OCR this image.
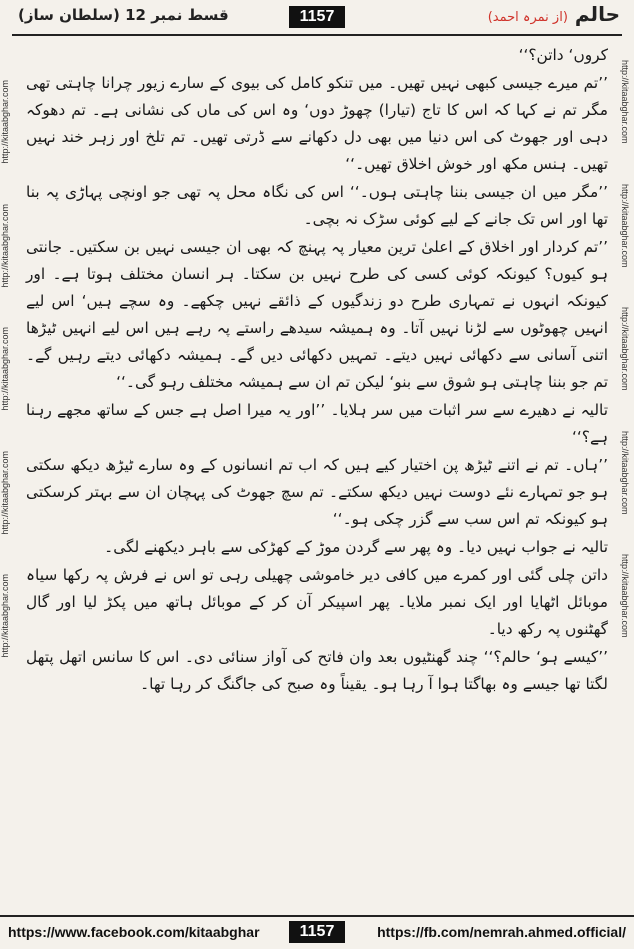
حالم (از نمرہ احمد)
1157
قسط نمبر 12 (سلطان ساز)
http://kitaabghar.com
http://kitaabghar.com
http://kitaabghar.com
http://kitaabghar.com
http://kitaabghar.com
http://kitaabghar.com
http://kitaabghar.com
http://kitaabghar.com
http://kitaabghar.com
http://kitaabghar.com

کروں‘ داتن؟‘‘

’’تم میرے جیسی کبھی نہیں تھیں۔ میں تنکو کامل کی بیوی کے سارے زیور چرانا چاہتی تھی مگر تم نے کہا کہ اس کا تاج (تیارا) چھوڑ دوں‘ وہ اس کی ماں کی نشانی ہے۔ تم دھوکہ دہی اور جھوٹ کی اس دنیا میں بھی دل دکھانے سے ڈرتی تھیں۔ تم تلخ اور زہر خند نہیں تھیں۔ ہنس مکھ اور خوش اخلاق تھیں۔‘‘

’’مگر میں ان جیسی بننا چاہتی ہوں۔‘‘ اس کی نگاہ محل پہ تھی جو اونچی پہاڑی پہ بنا تھا اور اس تک جانے کے لیے کوئی سڑک نہ بچی۔

’’تم کردار اور اخلاق کے اعلیٰ ترین معیار پہ پہنچ کہ بھی ان جیسی نہیں بن سکتیں۔ جانتی ہو کیوں؟ کیونکہ کوئی کسی کی طرح نہیں بن سکتا۔ ہر انسان مختلف ہوتا ہے۔ اور کیونکہ انہوں نے تمہاری طرح دو زندگیوں کے ذائقے نہیں چکھے۔ وہ سچے ہیں‘ اس لیے انہیں چھوٹوں سے لڑنا نہیں آتا۔ وہ ہمیشہ سیدھے راستے پہ رہے ہیں اس لیے انہیں ٹیڑھا اتنی آسانی سے دکھائی نہیں دیتے۔ تمہیں دکھائی دیں گے۔ ہمیشہ دکھائی دیتے رہیں گے۔ تم جو بننا چاہتی ہو شوق سے بنو‘ لیکن تم ان سے ہمیشہ مختلف رہو گی۔‘‘

تالیہ نے دھیرے سے سر اثبات میں سر ہلایا۔ ’’اور یہ میرا اصل ہے جس کے ساتھ مجھے رہنا ہے؟‘‘

’’ہاں۔ تم نے اتنے ٹیڑھ پن اختیار کیے ہیں کہ اب تم انسانوں کے وہ سارے ٹیڑھ دیکھ سکتی ہو جو تمہارے نئے دوست نہیں دیکھ سکتے۔ تم سچ جھوٹ کی پہچان ان سے بہتر کرسکتی ہو کیونکہ تم اس سب سے گزر چکی ہو۔‘‘

تالیہ نے جواب نہیں دیا۔ وہ پھر سے گردن موڑ کے کھڑکی سے باہر دیکھنے لگی۔

داتن چلی گئی اور کمرے میں کافی دیر خاموشی چھیلی رہی تو اس نے فرش پہ رکھا سیاہ موبائل اٹھایا اور ایک نمبر ملایا۔ پھر اسپیکر آن کر کے موبائل ہاتھ میں پکڑ لیا اور گال گھٹنوں پہ رکھ دیا۔

’’کیسے ہو‘ حالم؟‘‘ چند گھنٹیوں بعد وان فاتح کی آواز سنائی دی۔ اس کا سانس اتھل پتھل لگتا تھا جیسے وہ بھاگتا ہوا آ رہا ہو۔ یقیناً وہ صبح کی جاگنگ کر رہا تھا۔

https://www.facebook.com/kitaabghar	1157	https://fb.com/nemrah.ahmed.official/
